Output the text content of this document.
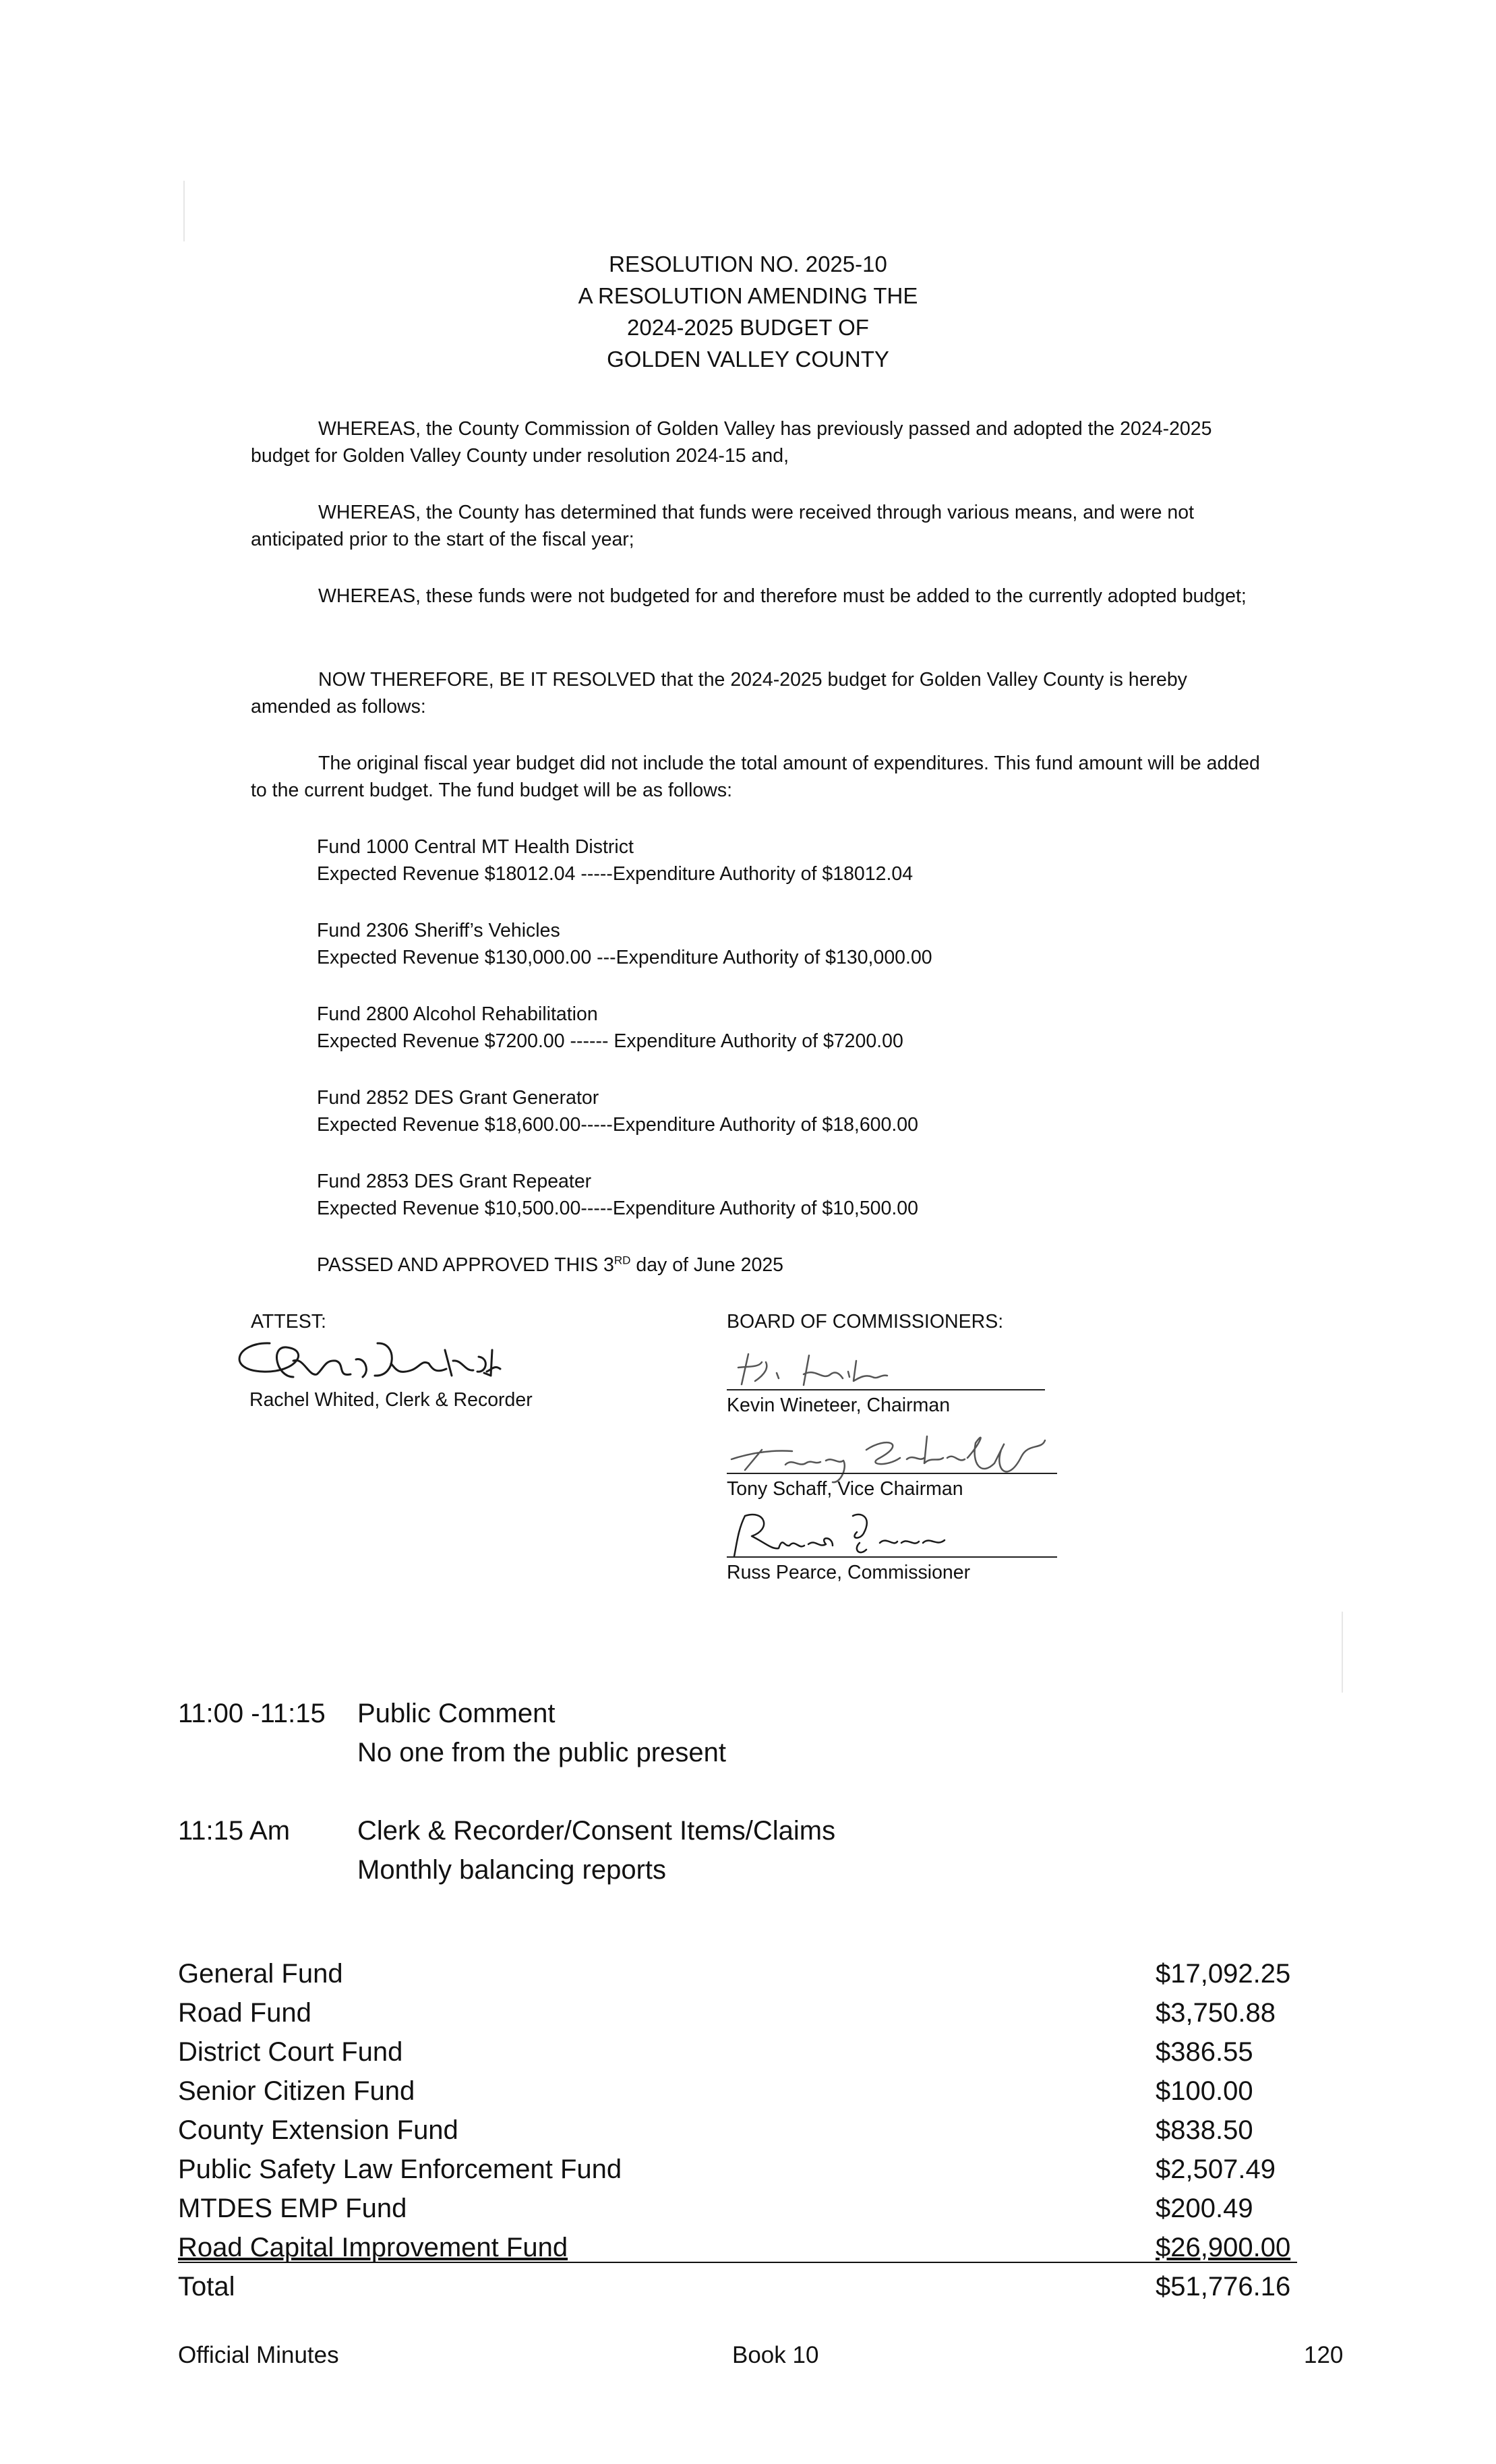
RESOLUTION NO. 2025-10
A RESOLUTION AMENDING THE
2024-2025 BUDGET OF
GOLDEN VALLEY COUNTY
WHEREAS, the County Commission of Golden Valley has previously passed and adopted the 2024-2025 budget for Golden Valley County under resolution 2024-15 and,
WHEREAS, the County has determined that funds were received through various means, and were not anticipated prior to the start of the fiscal year;
WHEREAS, these funds were not budgeted for and therefore must be added to the currently adopted budget;
NOW THEREFORE, BE IT RESOLVED that the 2024-2025 budget for Golden Valley County is hereby amended as follows:
The original fiscal year budget did not include the total amount of expenditures. This fund amount will be added to the current budget. The fund budget will be as follows:
Fund 1000 Central MT Health District
Expected Revenue $18012.04 -----Expenditure Authority of $18012.04
Fund 2306 Sheriff’s Vehicles
Expected Revenue $130,000.00 ---Expenditure Authority of $130,000.00
Fund 2800 Alcohol Rehabilitation
Expected Revenue $7200.00 ------ Expenditure Authority of $7200.00
Fund 2852 DES Grant Generator
Expected Revenue $18,600.00-----Expenditure Authority of $18,600.00
Fund 2853 DES Grant Repeater
Expected Revenue $10,500.00-----Expenditure Authority of $10,500.00
PASSED AND APPROVED THIS 3RD day of June 2025
ATTEST:
Rachel Whited, Clerk & Recorder
BOARD OF COMMISSIONERS:
Kevin Wineteer, Chairman
Tony Schaff, Vice Chairman
Russ Pearce, Commissioner
11:00 -11:15 Public Comment
No one from the public present
11:15 Am Clerk & Recorder/Consent Items/Claims
Monthly balancing reports
General Fund	$17,092.25
Road Fund	$3,750.88
District Court Fund	$386.55
Senior Citizen Fund	$100.00
County Extension Fund	$838.50
Public Safety Law Enforcement Fund	$2,507.49
MTDES EMP Fund	$200.49
Road Capital Improvement Fund	$26,900.00
Total	$51,776.16
Official Minutes	Book 10	120
